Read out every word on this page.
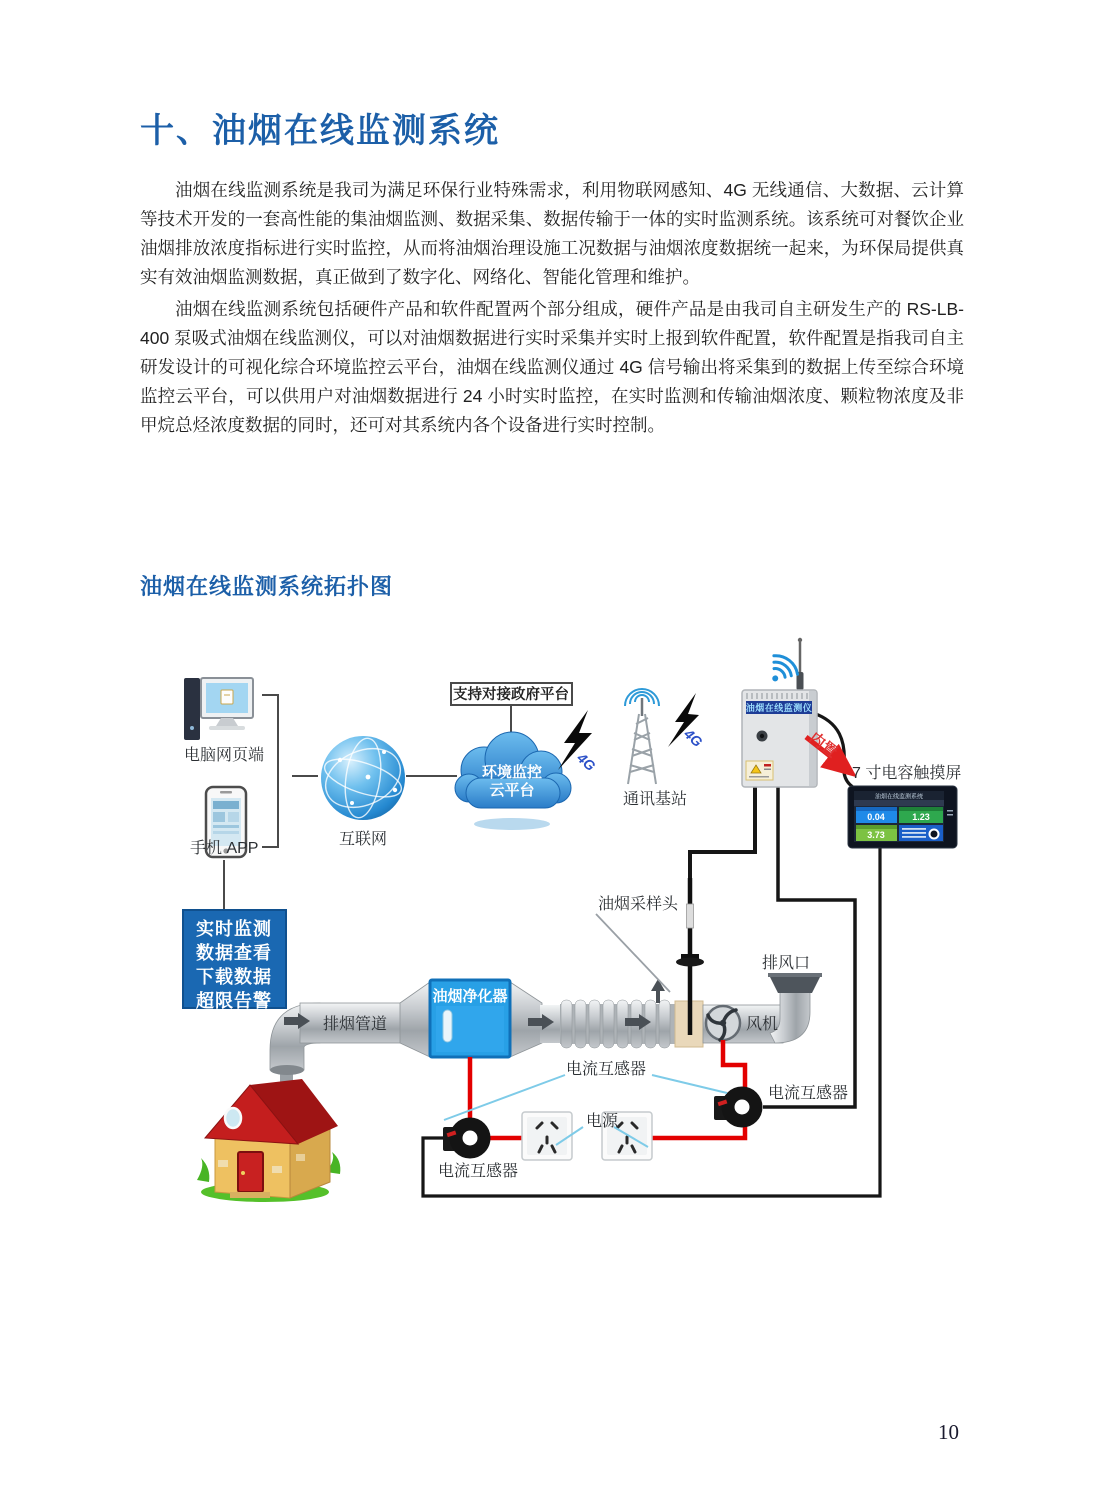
十、油烟在线监测系统

油烟在线监测系统是我司为满足环保行业特殊需求，利用物联网感知、4G 无线通信、大数据、云计算等技术开发的一套高性能的集油烟监测、数据采集、数据传输于一体的实时监测系统。该系统可对餐饮企业油烟排放浓度指标进行实时监控，从而将油烟治理设施工况数据与油烟浓度数据统一起来，为环保局提供真实有效油烟监测数据，真正做到了数字化、网络化、智能化管理和维护。

油烟在线监测系统包括硬件产品和软件配置两个部分组成，硬件产品是由我司自主研发生产的 RS-LB-400 泵吸式油烟在线监测仪，可以对油烟数据进行实时采集并实时上报到软件配置，软件配置是指我司自主研发设计的可视化综合环境监控云平台，油烟在线监测仪通过 4G 信号输出将采集到的数据上传至综合环境监控云平台，可以供用户对油烟数据进行 24 小时实时监控，在实时监测和传输油烟浓度、颗粒物浓度及非甲烷总烃浓度数据的同时，还可对其系统内各个设备进行实时控制。

油烟在线监测系统拓扑图
10
电脑网页端
手机 APP
互联网
支持对接政府平台
环境监控
云平台
4G
4G
通讯基站
油烟在线监测仪
内置
7 寸电容触摸屏
油烟在线监测系统
0.04	1.23
3.73
油烟采样头
排风口
风机
排烟管道
油烟净化器
电流互感器
电流互感器
电流互感器
电源
实时监测
数据查看
下载数据
超限告警
